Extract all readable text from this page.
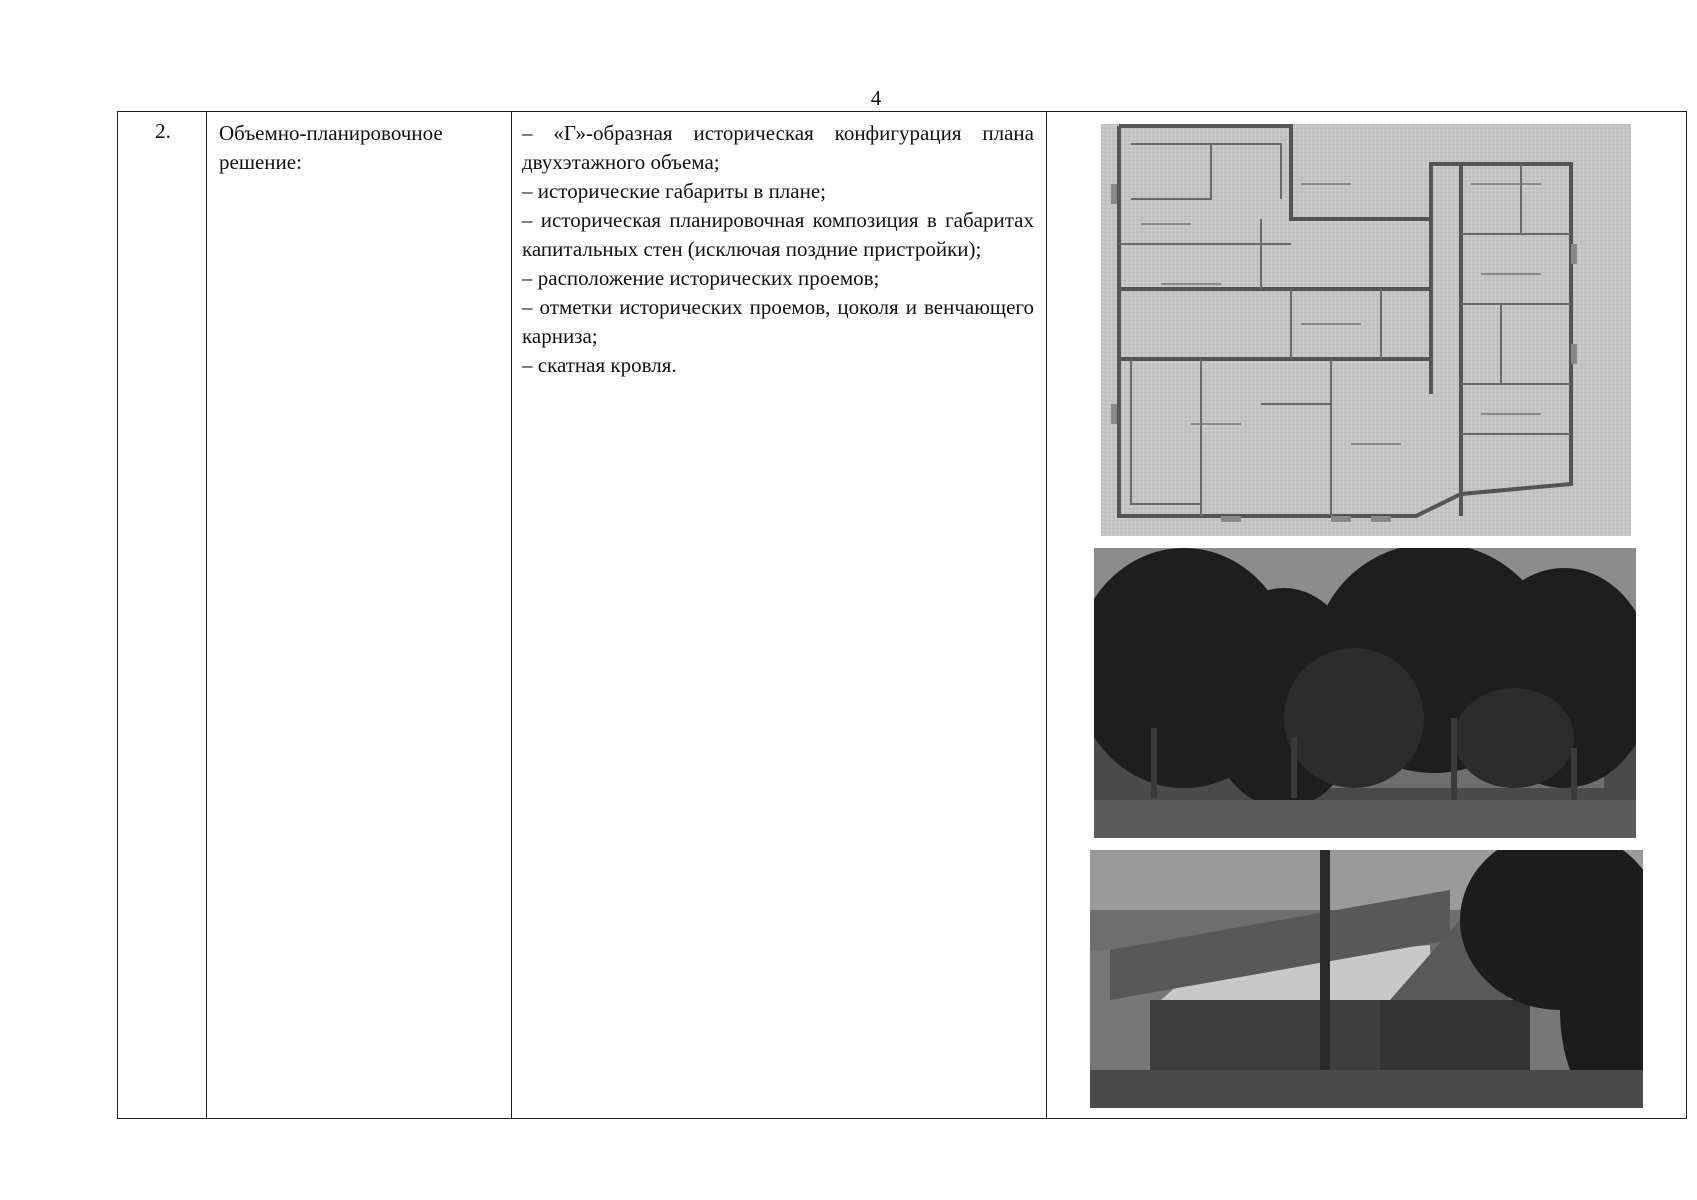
4
2.	Объемно-планировочное решение:

– «Г»-образная историческая конфигурация плана двухэтажного объема;

– исторические габариты в плане;

– историческая планировочная композиция в габаритах капитальных стен (исключая поздние пристройки);

– расположение исторических проемов;

– отметки исторических проемов, цоколя и венчающего карниза;

– скатная кровля.
